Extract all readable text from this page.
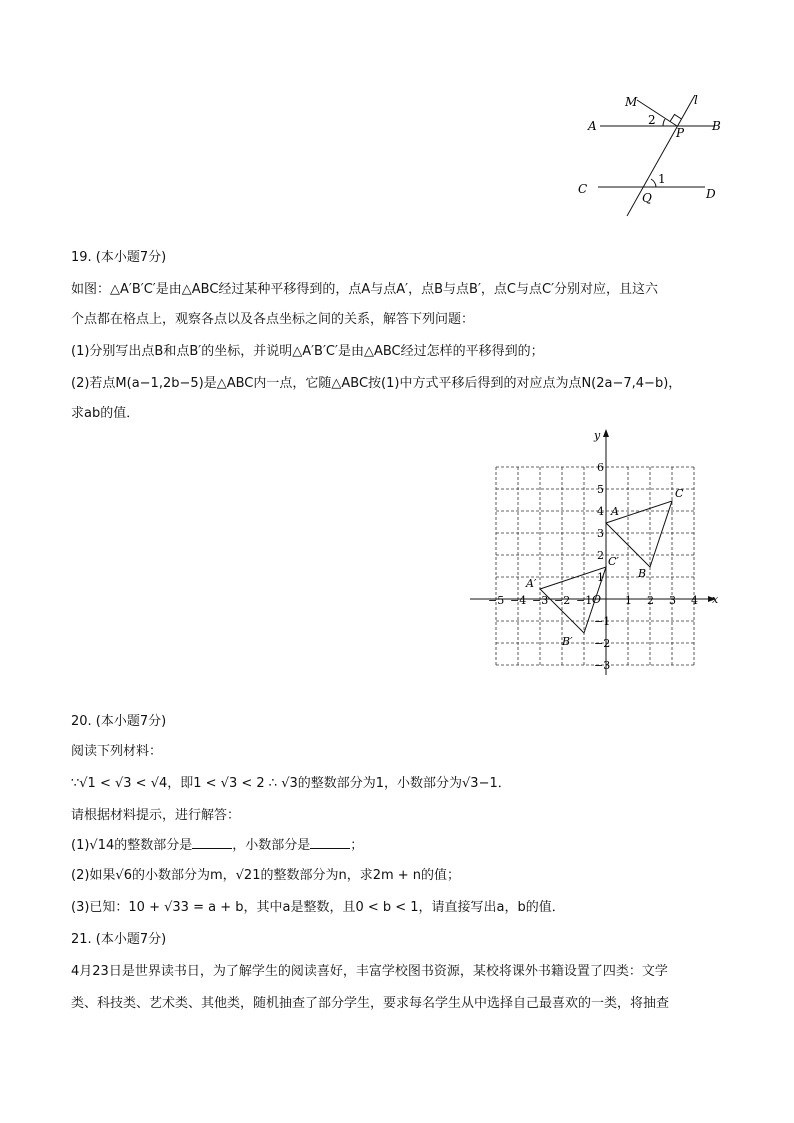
M	l
A	B
2
P
C
1
D
Q
19. (本小题7分)
如图：△A′B′C′是由△ABC经过某种平移得到的，点A与点A′，点B与点B′，点C与点C′分别对应，且这六
个点都在格点上，观察各点以及各点坐标之间的关系，解答下列问题：
(1)分别写出点B和点B′的坐标，并说明△A′B′C′是由△ABC经过怎样的平移得到的；
(2)若点M(a−1,2b−5)是△ABC内一点，它随△ABC按(1)中方式平移后得到的对应点为点N(2a−7,4−b)，
求ab的值．
x
y
O
−5 −4 −3 −2 −1	1 2 3 4
6
5
4
3
2
1
−1
−2
−3
A
B
C
A′
B′
C′
20. (本小题7分)
阅读下列材料：
∵√1 < √3 < √4，即1 < √3 < 2 ∴ √3的整数部分为1，小数部分为√3−1．
请根据材料提示，进行解答：
(1)√14的整数部分是	，小数部分是	；
(2)如果√6的小数部分为m，√21的整数部分为n，求2m + n的值；
(3)已知：10 + √33 = a + b，其中a是整数，且0 < b < 1，请直接写出a，b的值．
21. (本小题7分)
4月23日是世界读书日，为了解学生的阅读喜好，丰富学校图书资源，某校将课外书籍设置了四类：文学
类、科技类、艺术类、其他类，随机抽查了部分学生，要求每名学生从中选择自己最喜欢的一类，将抽查
